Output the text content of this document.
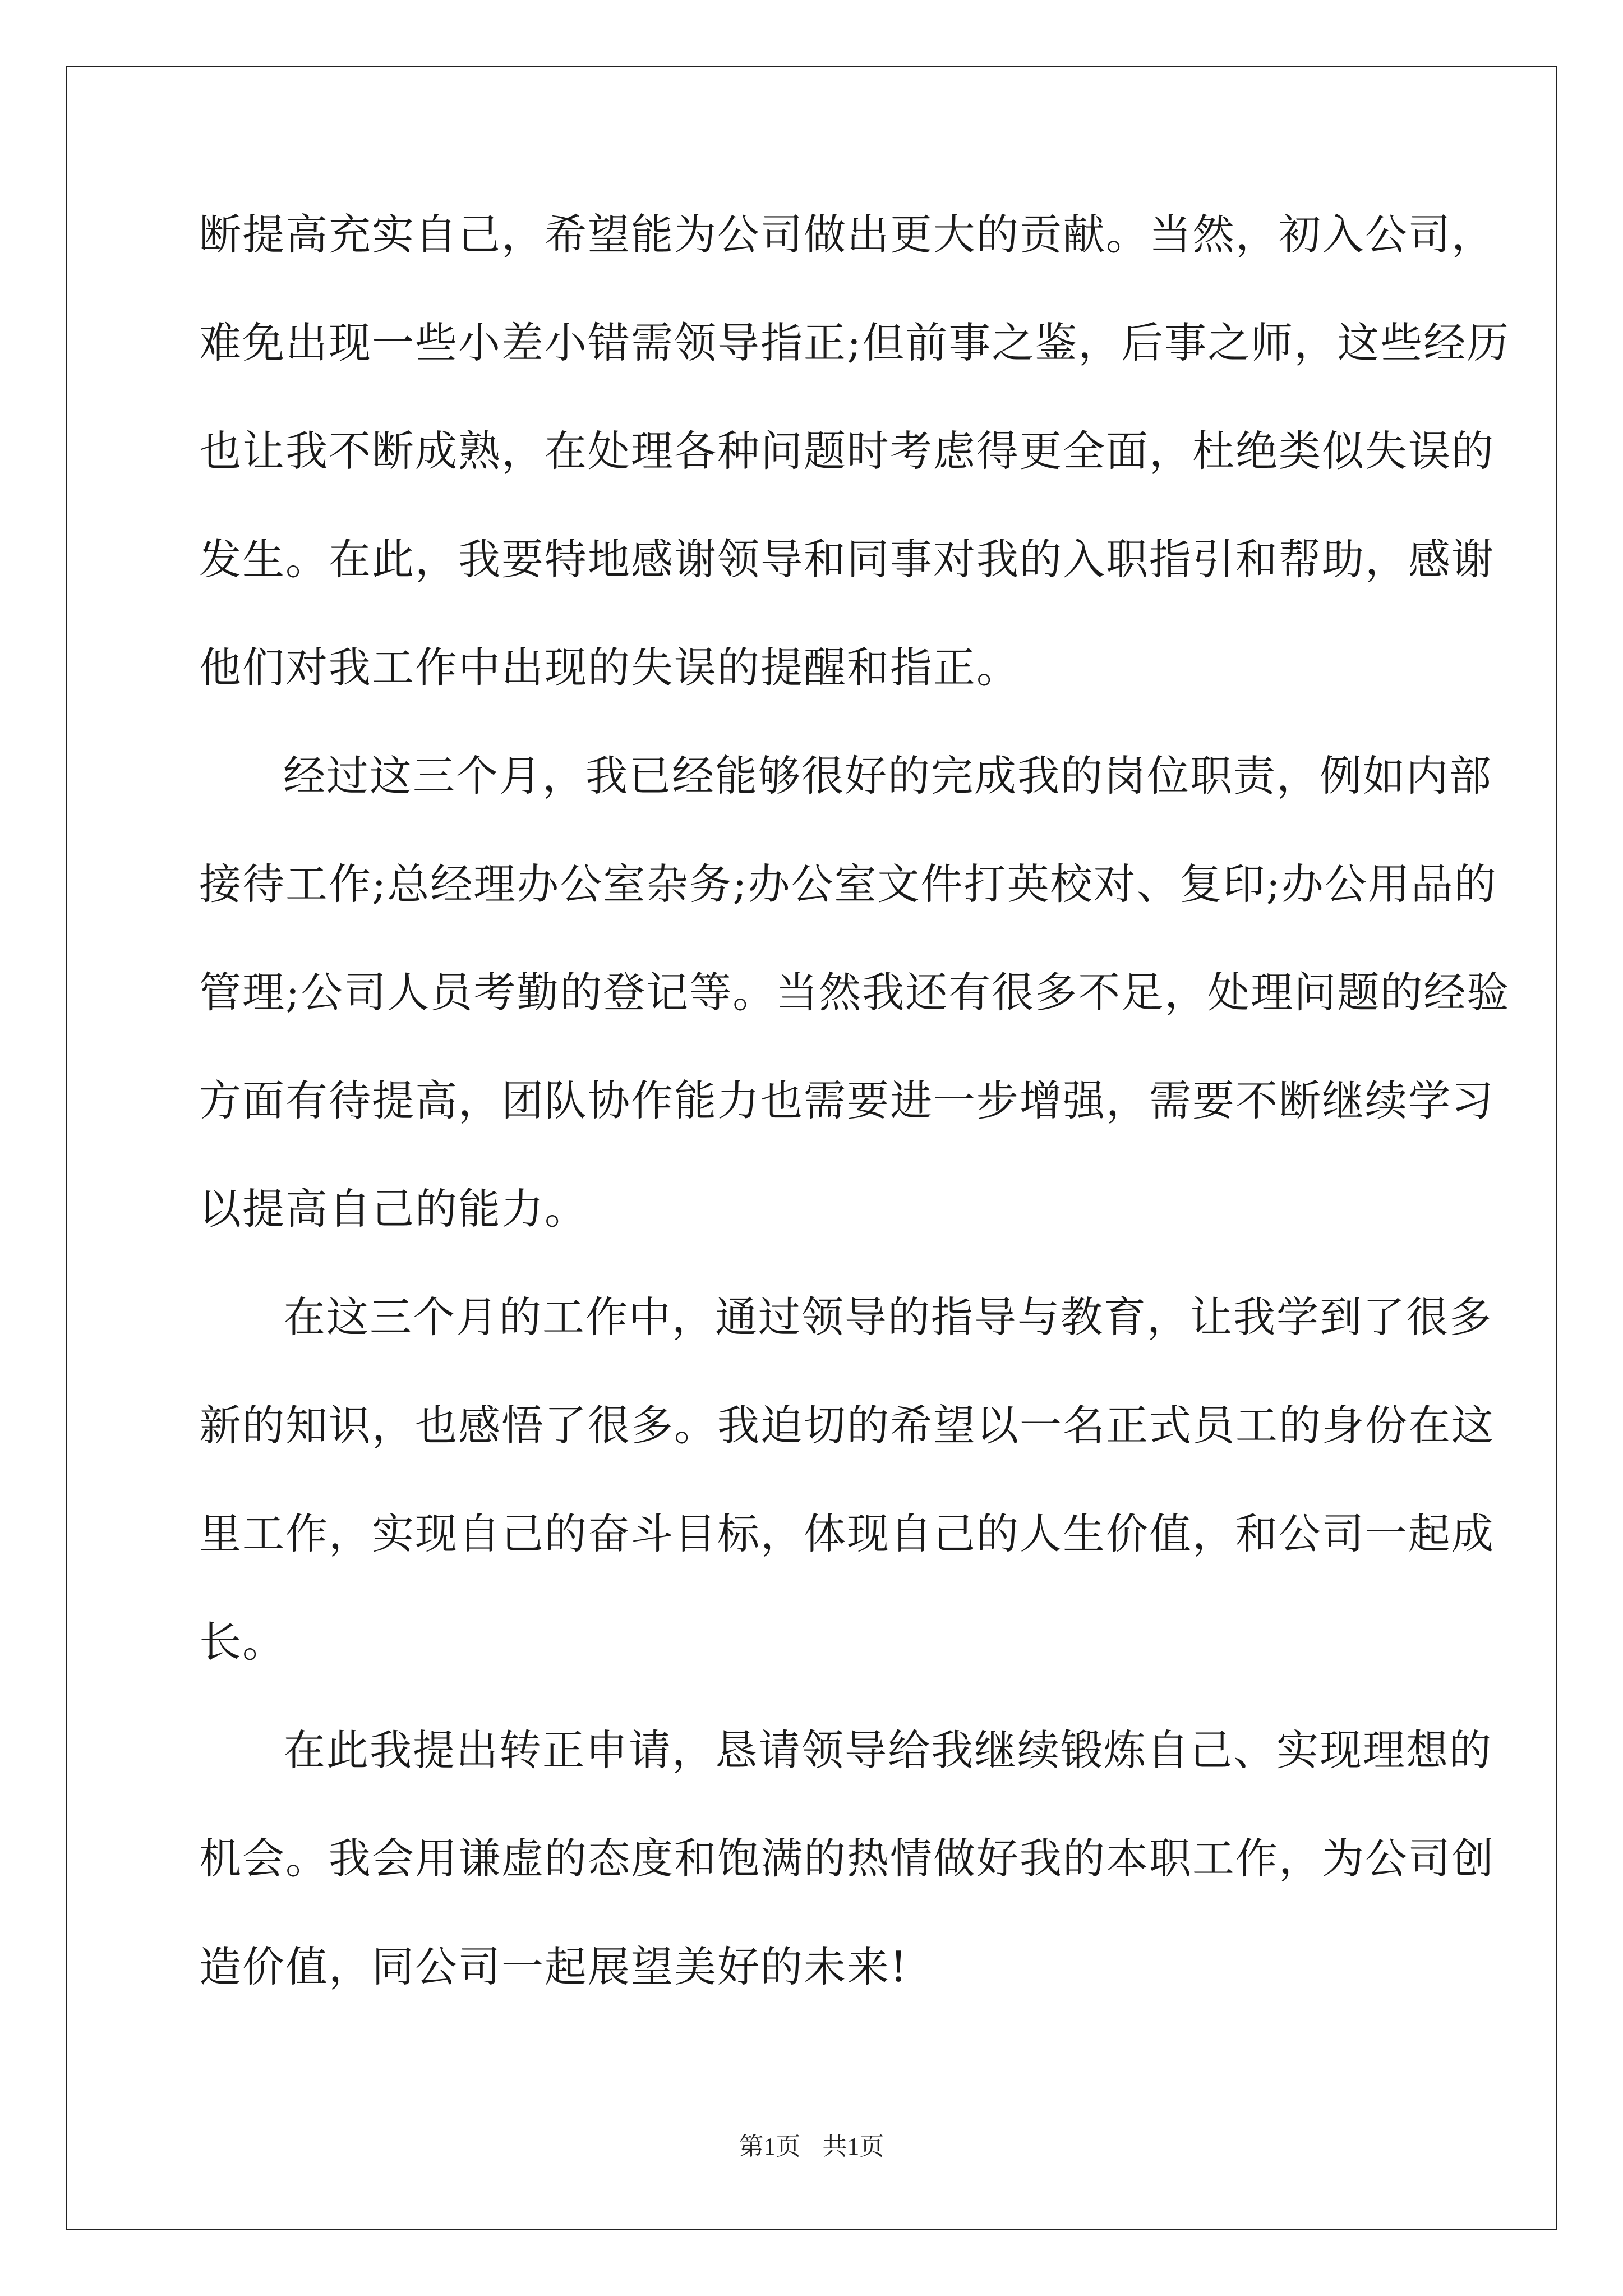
断提高充实自己，希望能为公司做出更大的贡献。当然，初入公司，
难免出现一些小差小错需领导指正;但前事之鉴，后事之师，这些经历
也让我不断成熟，在处理各种问题时考虑得更全面，杜绝类似失误的
发生。在此，我要特地感谢领导和同事对我的入职指引和帮助，感谢
他们对我工作中出现的失误的提醒和指正。
经过这三个月，我已经能够很好的完成我的岗位职责，例如内部
接待工作;总经理办公室杂务;办公室文件打英校对、复印;办公用品的
管理;公司人员考勤的登记等。当然我还有很多不足，处理问题的经验
方面有待提高，团队协作能力也需要进一步增强，需要不断继续学习
以提高自己的能力。
在这三个月的工作中，通过领导的指导与教育，让我学到了很多
新的知识，也感悟了很多。我迫切的希望以一名正式员工的身份在这
里工作，实现自己的奋斗目标，体现自己的人生价值，和公司一起成
长。
在此我提出转正申请，恳请领导给我继续锻炼自己、实现理想的
机会。我会用谦虚的态度和饱满的热情做好我的本职工作，为公司创
造价值，同公司一起展望美好的未来!
第1页 共1页
